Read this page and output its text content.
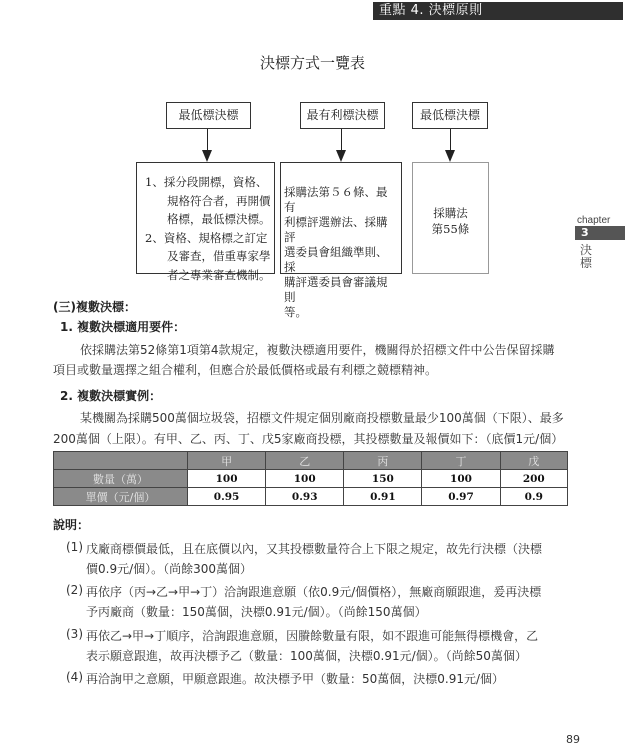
重點 4. 決標原則
決標方式一覽表
最低標決標	最有利標決標	最低標決標
1、採分段開標，資格、
規格符合者，再開價
格標，最低標決標。
2、資格、規格標之訂定
及審查，借重專家學
者之專業審查機制。
採購法第５６條、最有
利標評選辦法、採購評
選委員會組織準則、採
購評選委員會審議規則
等。
採購法
第55條
chapter
3
決
標
(三)複數決標：
1. 複數決標適用要件：
依採購法第52條第1項第4款規定，複數決標適用要件，機關得於招標文件中公告保留採購
項目或數量選擇之組合權利，但應合於最低價格或最有利標之競標精神。
2. 複數決標實例：
某機關為採購500萬個垃圾袋，招標文件規定個別廠商投標數量最少100萬個（下限）、最多
200萬個（上限）。有甲、乙、丙、丁、戊5家廠商投標，其投標數量及報價如下：（底價1元/個）
	甲	乙	丙	丁	戊
數量（萬）	100	100	150	100	200
單價（元/個）	0.95	0.93	0.91	0.97	0.9
說明：
(1) 戊廠商標價最低，且在底價以內，又其投標數量符合上下限之規定，故先行決標（決標
價0.9元/個）。（尚餘300萬個）
(2) 再依序（丙→乙→甲→丁）洽詢跟進意願（依0.9元/個價格），無廠商願跟進，爰再決標
予丙廠商（數量：150萬個，決標0.91元/個）。（尚餘150萬個）
(3) 再依乙→甲→丁順序，洽詢跟進意願，因賸餘數量有限，如不跟進可能無得標機會，乙
表示願意跟進，故再決標予乙（數量：100萬個，決標0.91元/個）。（尚餘50萬個）
(4) 再洽詢甲之意願，甲願意跟進。故決標予甲（數量：50萬個，決標0.91元/個）
89
